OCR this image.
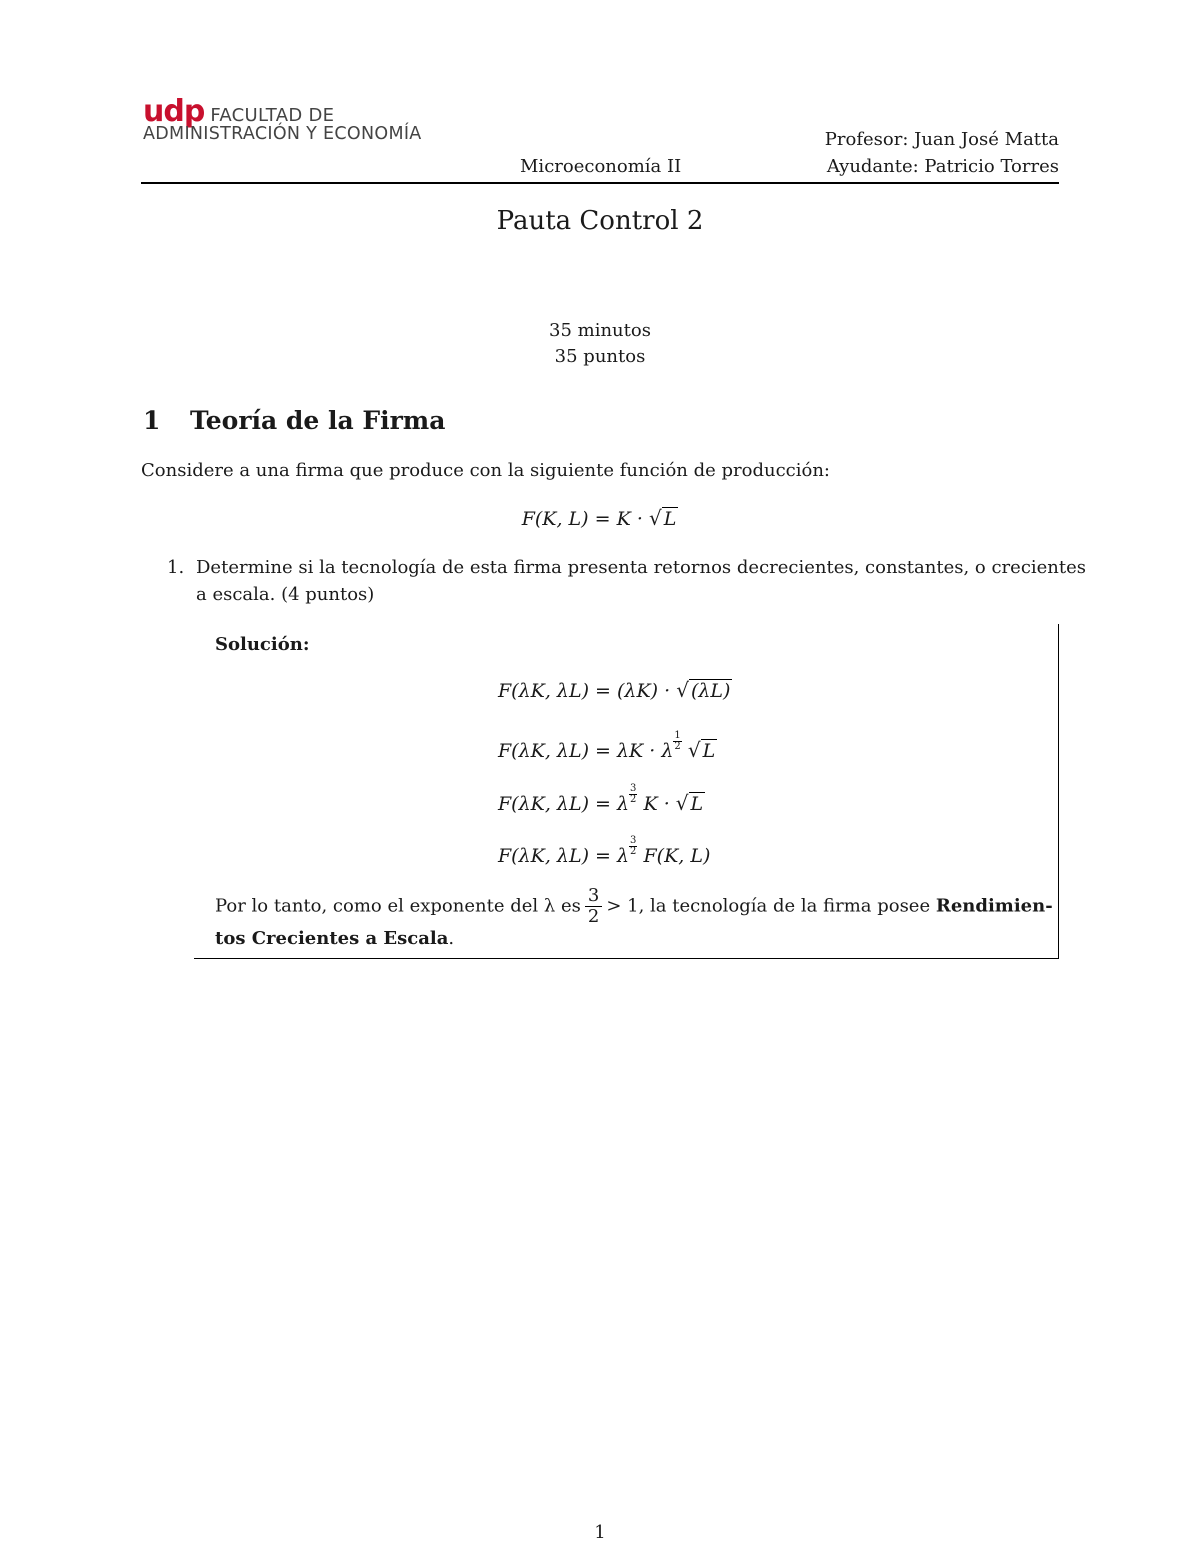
udp FACULTAD DE
ADMINISTRACIÓN Y ECONOMÍA
Microeconomía II
Profesor: Juan José Matta
Ayudante: Patricio Torres
Pauta Control 2
35 minutos
35 puntos
1 Teoría de la Firma
Considere a una firma que produce con la siguiente función de producción:
F(K, L) = K · √ L
1. Determine si la tecnología de esta firma presenta retornos decrecientes, constantes, o crecientes
a escala. (4 puntos)
Solución:
F(λK, λL) = (λK) · √ (λL)
F(λK, λL) = λK · λ $\frac{1}{2}$ √ L
F(λK, λL) = λ $\frac{3}{2}$ K · √ L
F(λK, λL) = λ $\frac{3}{2} F(K$, L)
Por lo tanto, como el exponente del λ es $\frac{3}{2} > 1$, la tecnología de la firma posee Rendimien-
tos Crecientes a Escala.
1
